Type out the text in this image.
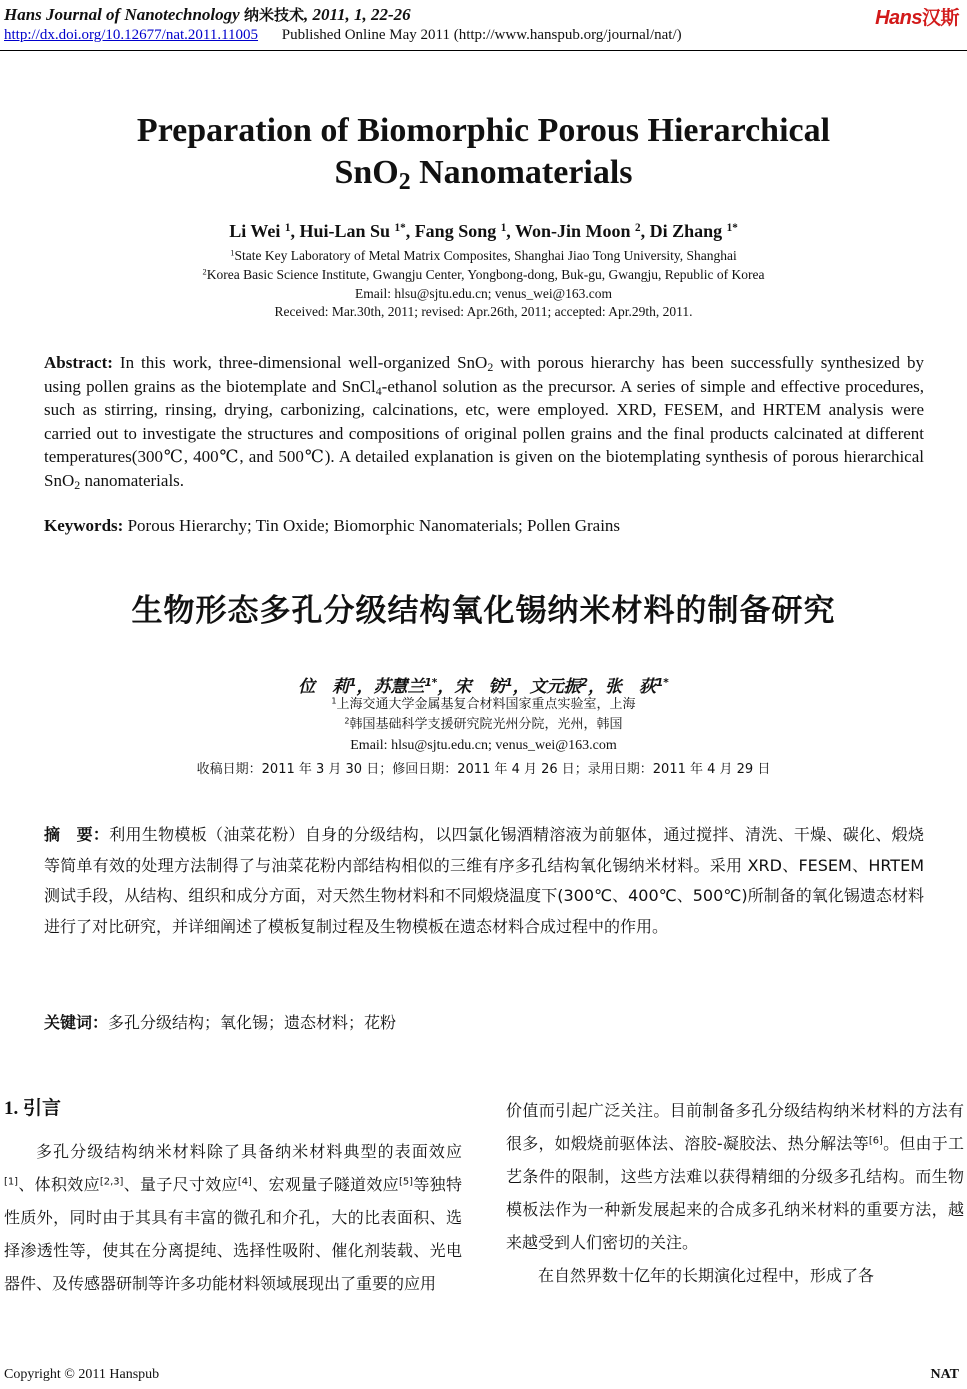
Hans Journal of Nanotechnology 纳米技术, 2011, 1, 22-26
http://dx.doi.org/10.12677/nat.2011.11005 Published Online May 2011 (http://www.hanspub.org/journal/nat/)
Hans汉斯
Preparation of Biomorphic Porous Hierarchical
SnO$_2$ Nanomaterials
Li Wei $^1$, Hui-Lan Su $^{1*}$, Fang Song $^1$, Won-Jin Moon $^2$, Di Zhang $^{1*}$
$^1$State Key Laboratory of Metal Matrix Composites, Shanghai Jiao Tong University, Shanghai
$^2$Korea Basic Science Institute, Gwangju Center, Yongbong-dong, Buk-gu, Gwangju, Republic of Korea
Email: hlsu@sjtu.edu.cn; venus_wei@163.com
Received: Mar.30th, 2011; revised: Apr.26th, 2011; accepted: Apr.29th, 2011.
Abstract: In this work, three-dimensional well-organized SnO$_2$ with porous hierarchy has been successfully synthesized by using pollen grains as the biotemplate and SnCl$_4$-ethanol solution as the precursor. A series of simple and effective procedures, such as stirring, rinsing, drying, carbonizing, calcinations, etc, were employed. XRD, FESEM, and HRTEM analysis were carried out to investigate the structures and compositions of original pollen grains and the final products calcinated at different temperatures(300℃, 400℃, and 500℃). A detailed explanation is given on the biotemplating synthesis of porous hierarchical SnO$_2$ nanomaterials.
Keywords: Porous Hierarchy; Tin Oxide; Biomorphic Nanomaterials; Pollen Grains
生物形态多孔分级结构氧化锡纳米材料的制备研究
位　莉$^1$，苏慧兰$^{1*}$，宋　钫$^1$，文元振$^2$，张　荻$^{1*}$
$^1$上海交通大学金属基复合材料国家重点实验室，上海
$^2$韩国基础科学支援研究院光州分院，光州，韩国
Email: hlsu@sjtu.edu.cn; venus_wei@163.com
收稿日期：2011 年 3 月 30 日；修回日期：2011 年 4 月 26 日；录用日期：2011 年 4 月 29 日
摘　要：利用生物模板（油菜花粉）自身的分级结构，以四氯化锡酒精溶液为前躯体，通过搅拌、清洗、干燥、碳化、煅烧等简单有效的处理方法制得了与油菜花粉内部结构相似的三维有序多孔结构氧化锡纳米材料。采用 XRD、FESEM、HRTEM 测试手段，从结构、组织和成分方面，对天然生物材料和不同煅烧温度下(300℃、400℃、500℃)所制备的氧化锡遗态材料进行了对比研究，并详细阐述了模板复制过程及生物模板在遗态材料合成过程中的作用。
关键词：多孔分级结构；氧化锡；遗态材料；花粉
1. 引言

多孔分级结构纳米材料除了具备纳米材料典型的表面效应[1]、体积效应[2,3]、量子尺寸效应[4]、宏观量子隧道效应[5]等独特性质外，同时由于其具有丰富的微孔和介孔，大的比表面积、选择渗透性等，使其在分离提纯、选择性吸附、催化剂装载、光电器件、及传感器研制等许多功能材料领域展现出了重要的应用

价值而引起广泛关注。目前制备多孔分级结构纳米材料的方法有很多，如煅烧前驱体法、溶胶-凝胶法、热分解法等[6]。但由于工艺条件的限制，这些方法难以获得精细的分级多孔结构。而生物模板法作为一种新发展起来的合成多孔纳米材料的重要方法，越来越受到人们密切的关注。

在自然界数十亿年的长期演化过程中，形成了各

Copyright © 2011 Hanspub	NAT
